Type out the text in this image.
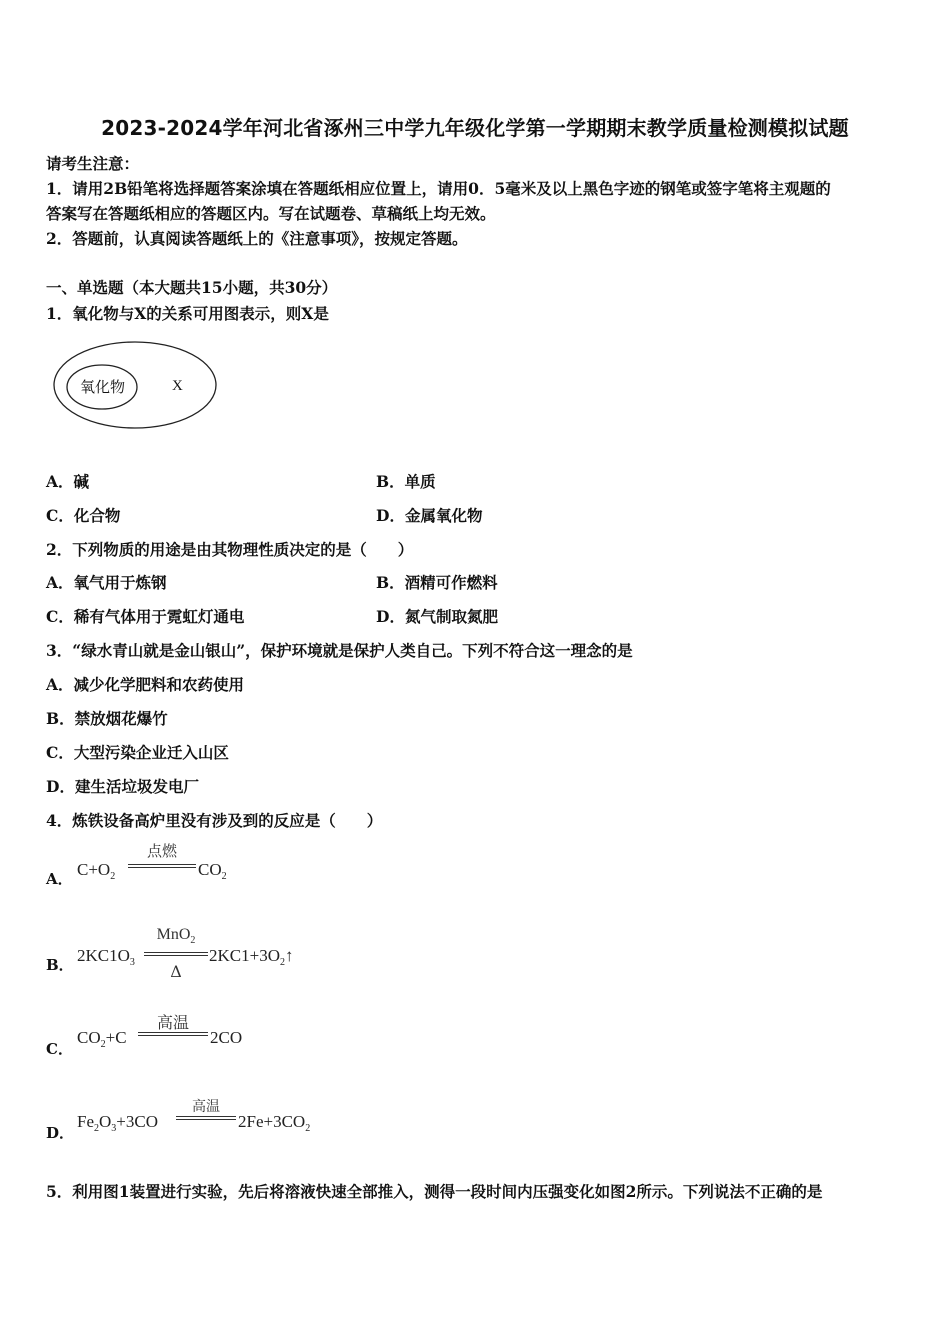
2023-2024学年河北省涿州三中学九年级化学第一学期期末教学质量检测模拟试题
请考生注意：
1．请用2B铅笔将选择题答案涂填在答题纸相应位置上，请用0．5毫米及以上黑色字迹的钢笔或签字笔将主观题的
答案写在答题纸相应的答题区内。写在试题卷、草稿纸上均无效。
2．答题前，认真阅读答题纸上的《注意事项》，按规定答题。
一、单选题（本大题共15小题，共30分）
1．氧化物与X的关系可用图表示，则X是
氧化物	X
A．碱	B．单质
C．化合物	D．金属氧化物
2．下列物质的用途是由其物理性质决定的是（　　）
A．氧气用于炼钢	B．酒精可作燃料
C．稀有气体用于霓虹灯通电	D．氮气制取氮肥
3．“绿水青山就是金山银山”，保护环境就是保护人类自己。下列不符合这一理念的是
A．减少化学肥料和农药使用
B．禁放烟花爆竹
C．大型污染企业迁入山区
D．建生活垃圾发电厂
4．炼铁设备高炉里没有涉及到的反应是（　　）
A． $C+O_2$
点燃
$CO_2$
B． $2KC1O_3$
MnO$_2$
Δ
$2KC1+3O_2↑$
C．
$CO_2+C$
高温
2CO
D．
$Fe_2O_3+3CO$
高温
$2Fe+3CO_2$
5．利用图1装置进行实验，先后将溶液快速全部推入，测得一段时间内压强变化如图2所示。下列说法不正确的是
